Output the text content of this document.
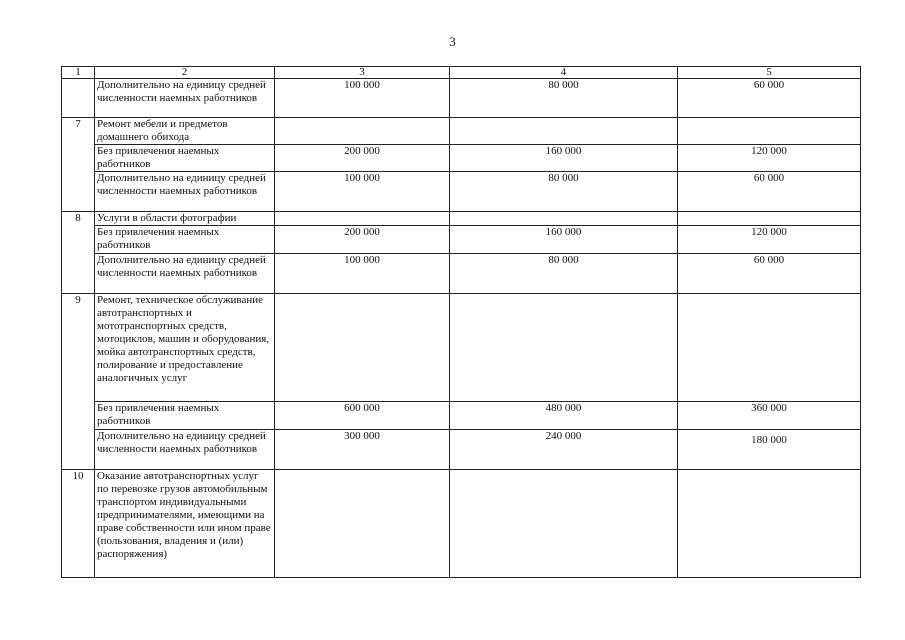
3
1	2	3	4	5
	Дополнительно на единицу средней численности наемных работников	100 000	80 000	60 000
7	Ремонт мебели и предметов домашнего обихода			
	Без привлечения наемных работников	200 000	160 000	120 000
	Дополнительно на единицу средней численности наемных работников	100 000	80 000	60 000
8	Услуги в области фотографии			
	Без привлечения наемных работников	200 000	160 000	120 000
	Дополнительно на единицу средней численности наемных работников	100 000	80 000	60 000
9	Ремонт, техническое обслуживание автотранспортных и мототранспортных средств, мотоциклов, машин и оборудования, мойка автотранспортных средств, полирование и предоставление аналогичных услуг			
	Без привлечения наемных работников	600 000	480 000	360 000
	Дополнительно на единицу средней численности наемных работников	300 000	240 000	180 000
10	Оказание автотранспортных услуг по перевозке грузов автомобильным транспортом индивидуальными предпринимателями, имеющими на праве собственности или ином праве (пользования, владения и (или) распоряжения)			
